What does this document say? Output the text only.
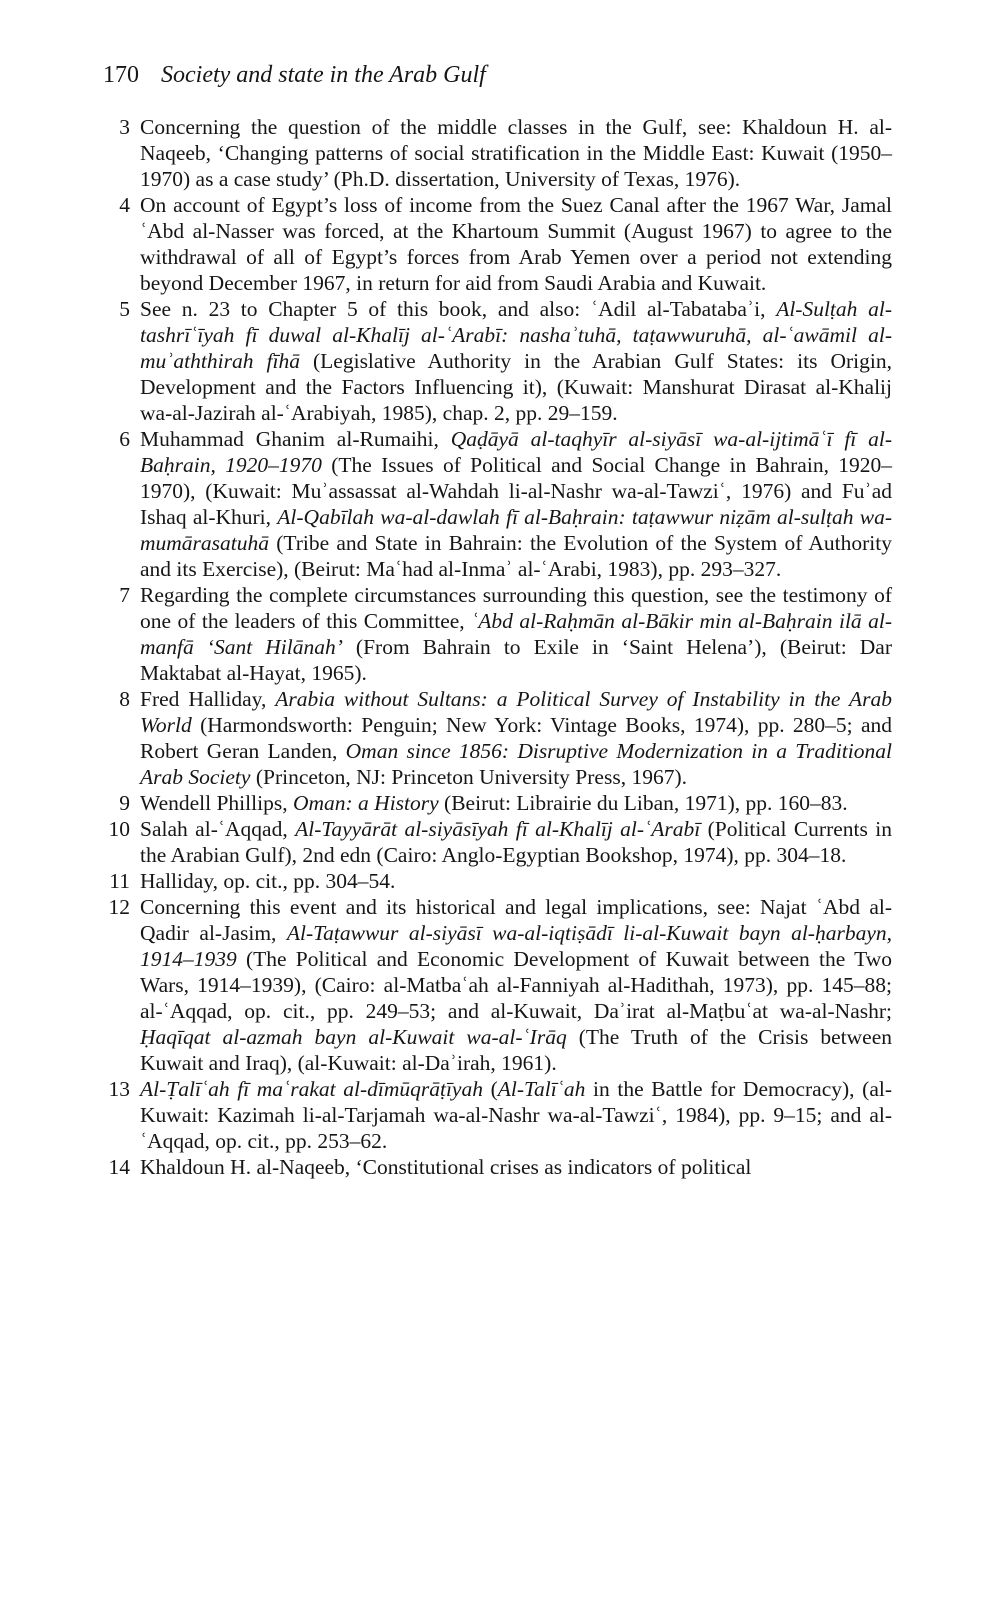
170 Society and state in the Arab Gulf
3 Concerning the question of the middle classes in the Gulf, see: Khaldoun H. al-Naqeeb, ‘Changing patterns of social stratification in the Middle East: Kuwait (1950–1970) as a case study’ (Ph.D. dissertation, University of Texas, 1976).
4 On account of Egypt’s loss of income from the Suez Canal after the 1967 War, Jamal ʿAbd al-Nasser was forced, at the Khartoum Summit (August 1967) to agree to the withdrawal of all of Egypt’s forces from Arab Yemen over a period not extending beyond December 1967, in return for aid from Saudi Arabia and Kuwait.
5 See n. 23 to Chapter 5 of this book, and also: ʿAdil al-Tabatabaʾi, Al-Sulṭah al-tashrīʿīyah fī duwal al-Khalīj al-ʿArabī: nashaʾtuhā, taṭawwuruhā, al-ʿawāmil al-muʾaththirah fīhā (Legislative Authority in the Arabian Gulf States: its Origin, Development and the Factors Influencing it), (Kuwait: Manshurat Dirasat al-Khalij wa-al-Jazirah al-ʿArabiyah, 1985), chap. 2, pp. 29–159.
6 Muhammad Ghanim al-Rumaihi, Qaḍāyā al-taqhyīr al-siyāsī wa-al-ijtimāʿī fī al-Baḥrain, 1920–1970 (The Issues of Political and Social Change in Bahrain, 1920–1970), (Kuwait: Muʾassassat al-Wahdah li-al-Nashr wa-al-Tawziʿ, 1976) and Fuʾad Ishaq al-Khuri, Al-Qabīlah wa-al-dawlah fī al-Baḥrain: taṭawwur niẓām al-sulṭah wa-mumārasatuhā (Tribe and State in Bahrain: the Evolution of the System of Authority and its Exercise), (Beirut: Maʿhad al-Inmaʾ al-ʿArabi, 1983), pp. 293–327.
7 Regarding the complete circumstances surrounding this question, see the testimony of one of the leaders of this Committee, ʿAbd al-Raḥmān al-Bākir min al-Baḥrain ilā al-manfā ‘Sant Hilānah’ (From Bahrain to Exile in ‘Saint Helena’), (Beirut: Dar Maktabat al-Hayat, 1965).
8 Fred Halliday, Arabia without Sultans: a Political Survey of Instability in the Arab World (Harmondsworth: Penguin; New York: Vintage Books, 1974), pp. 280–5; and Robert Geran Landen, Oman since 1856: Disruptive Modernization in a Traditional Arab Society (Princeton, NJ: Princeton University Press, 1967).
9 Wendell Phillips, Oman: a History (Beirut: Librairie du Liban, 1971), pp. 160–83.
10 Salah al-ʿAqqad, Al-Tayyārāt al-siyāsīyah fī al-Khalīj al-ʿArabī (Political Currents in the Arabian Gulf), 2nd edn (Cairo: Anglo-Egyptian Bookshop, 1974), pp. 304–18.
11 Halliday, op. cit., pp. 304–54.
12 Concerning this event and its historical and legal implications, see: Najat ʿAbd al-Qadir al-Jasim, Al-Taṭawwur al-siyāsī wa-al-iqtiṣādī li-al-Kuwait bayn al-ḥarbayn, 1914–1939 (The Political and Economic Development of Kuwait between the Two Wars, 1914–1939), (Cairo: al-Matbaʿah al-Fanniyah al-Hadithah, 1973), pp. 145–88; al-ʿAqqad, op. cit., pp. 249–53; and al-Kuwait, Daʾirat al-Maṭbuʿat wa-al-Nashr; Ḥaqīqat al-azmah bayn al-Kuwait wa-al-ʿIrāq (The Truth of the Crisis between Kuwait and Iraq), (al-Kuwait: al-Daʾirah, 1961).
13 Al-Ṭalīʿah fī maʿrakat al-dīmūqrāṭīyah (Al-Talīʿah in the Battle for Democracy), (al-Kuwait: Kazimah li-al-Tarjamah wa-al-Nashr wa-al-Tawziʿ, 1984), pp. 9–15; and al-ʿAqqad, op. cit., pp. 253–62.
14 Khaldoun H. al-Naqeeb, ‘Constitutional crises as indicators of political
